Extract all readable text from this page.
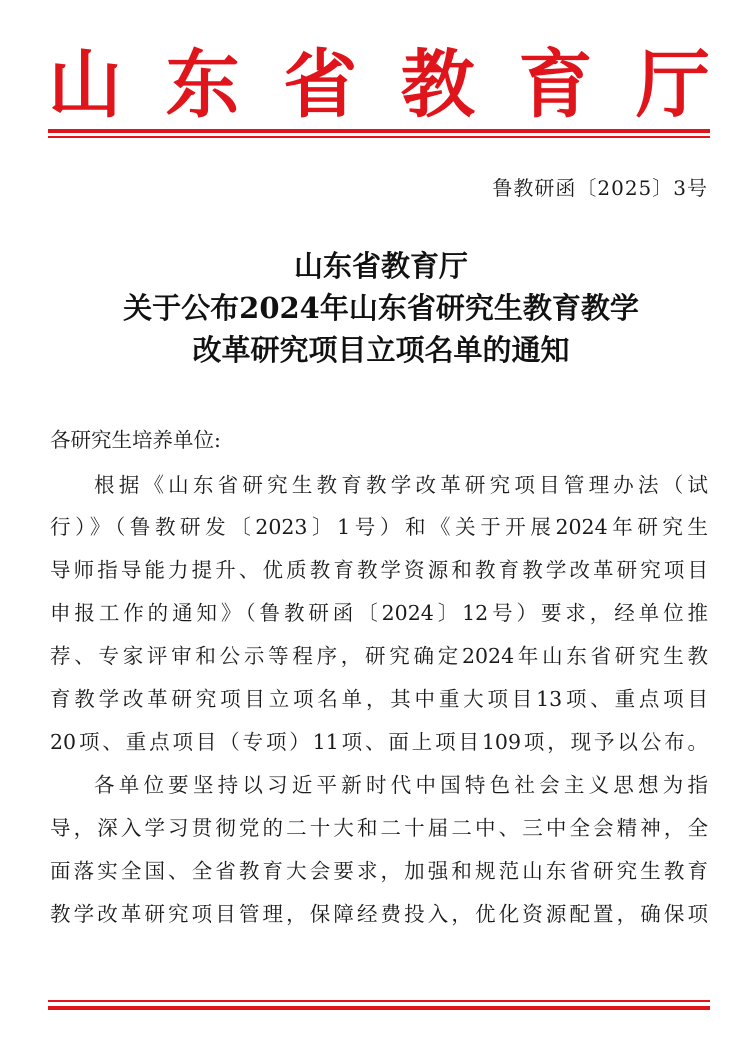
山 东 省 教 育 厅
鲁教研函〔2025〕3号
山东省教育厅
关于公布2024年山东省研究生教育教学
改革研究项目立项名单的通知
各研究生培养单位:
根据《山东省研究生教育教学改革研究项目管理办法（试
行）》（鲁教研发〔2023〕1号）和《关于开展2024年研究生
导师指导能力提升、优质教育教学资源和教育教学改革研究项目
申报工作的通知》（鲁教研函〔2024〕12号）要求，经单位推
荐、专家评审和公示等程序，研究确定2024年山东省研究生教
育教学改革研究项目立项名单，其中重大项目13项、重点项目
20项、重点项目（专项）11项、面上项目109项，现予以公布。
各单位要坚持以习近平新时代中国特色社会主义思想为指
导，深入学习贯彻党的二十大和二十届二中、三中全会精神，全
面落实全国、全省教育大会要求，加强和规范山东省研究生教育
教学改革研究项目管理，保障经费投入，优化资源配置，确保项
